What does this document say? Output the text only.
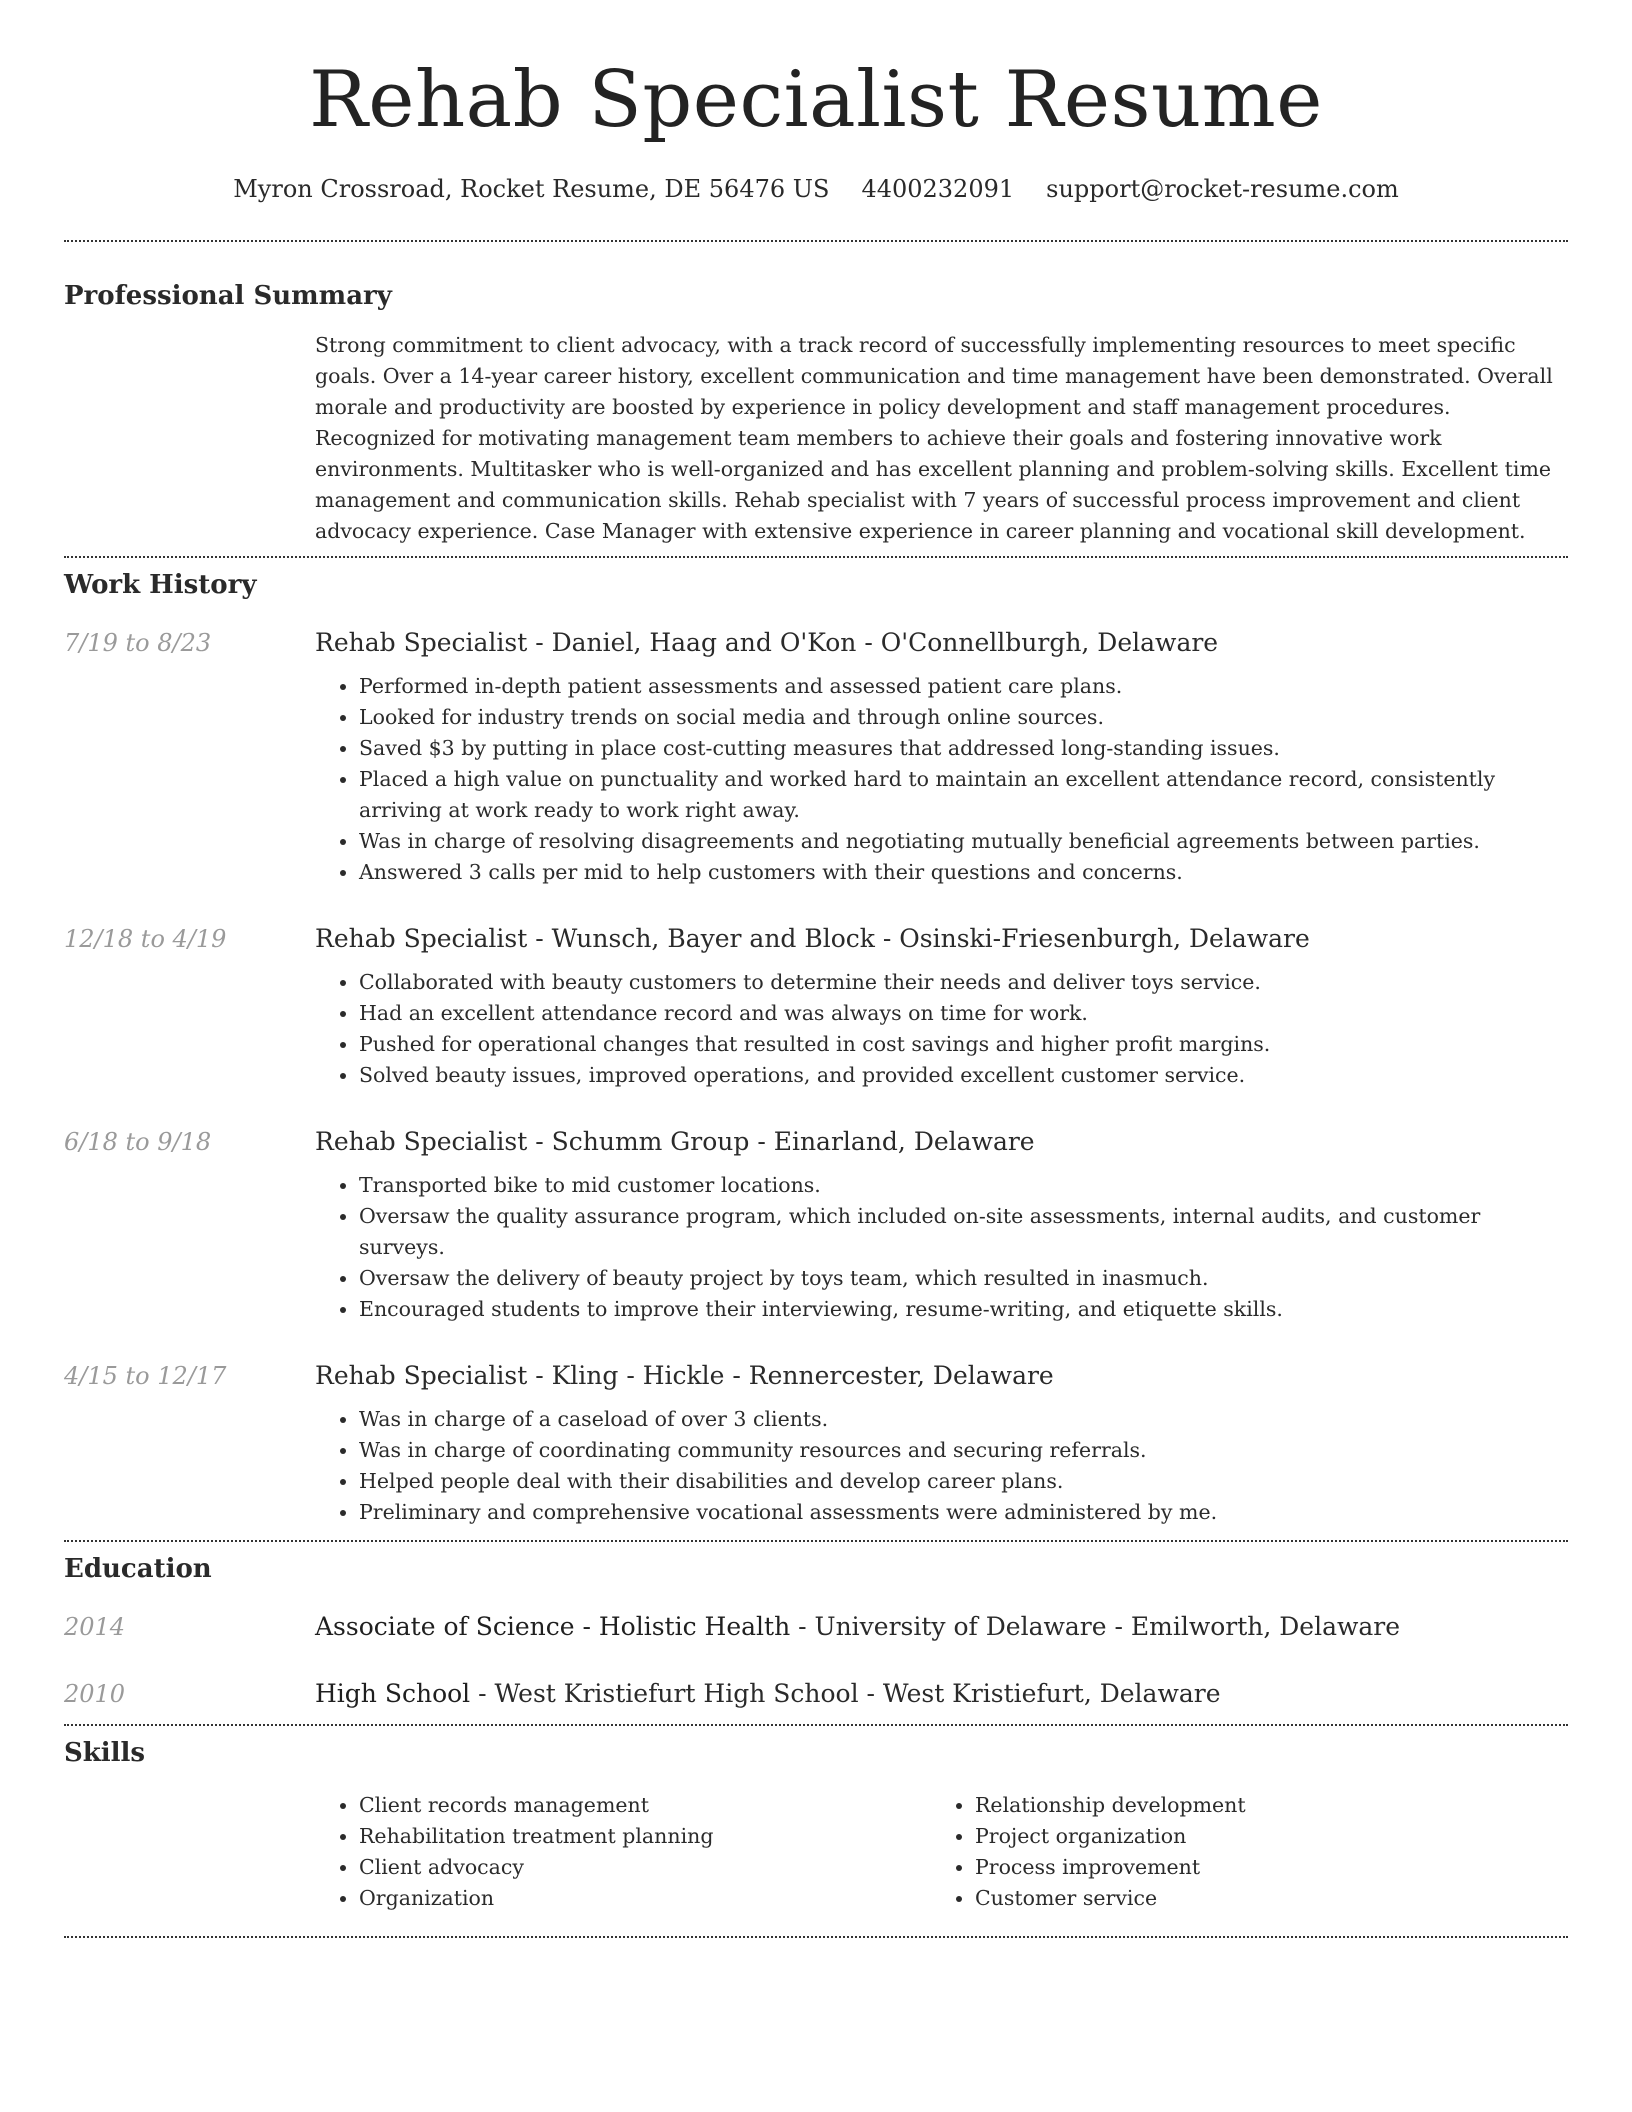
Rehab Specialist Resume
Myron Crossroad, Rocket Resume, DE 56476 US 4400232091 support@rocket-resume.com
Professional Summary

Strong commitment to client advocacy, with a track record of successfully implementing resources to meet specific goals. Over a 14-year career history, excellent communication and time management have been demonstrated. Overall morale and productivity are boosted by experience in policy development and staff management procedures. Recognized for motivating management team members to achieve their goals and fostering innovative work environments. Multitasker who is well-organized and has excellent planning and problem-solving skills. Excellent time management and communication skills. Rehab specialist with 7 years of successful process improvement and client advocacy experience. Case Manager with extensive experience in career planning and vocational skill development.

Work History
7/19 to 8/23	Rehab Specialist - Daniel, Haag and O'Kon - O'Connellburgh, Delaware

• Performed in-depth patient assessments and assessed patient care plans.
• Looked for industry trends on social media and through online sources.
• Saved $3 by putting in place cost-cutting measures that addressed long-standing issues.
• Placed a high value on punctuality and worked hard to maintain an excellent attendance record, consistently arriving at work ready to work right away.
• Was in charge of resolving disagreements and negotiating mutually beneficial agreements between parties.
• Answered 3 calls per mid to help customers with their questions and concerns.
12/18 to 4/19	Rehab Specialist - Wunsch, Bayer and Block - Osinski-Friesenburgh, Delaware

• Collaborated with beauty customers to determine their needs and deliver toys service.
• Had an excellent attendance record and was always on time for work.
• Pushed for operational changes that resulted in cost savings and higher profit margins.
• Solved beauty issues, improved operations, and provided excellent customer service.
6/18 to 9/18	Rehab Specialist - Schumm Group - Einarland, Delaware

• Transported bike to mid customer locations.
• Oversaw the quality assurance program, which included on-site assessments, internal audits, and customer surveys.
• Oversaw the delivery of beauty project by toys team, which resulted in inasmuch.
• Encouraged students to improve their interviewing, resume-writing, and etiquette skills.
4/15 to 12/17	Rehab Specialist - Kling - Hickle - Rennercester, Delaware

• Was in charge of a caseload of over 3 clients.
• Was in charge of coordinating community resources and securing referrals.
• Helped people deal with their disabilities and develop career plans.
• Preliminary and comprehensive vocational assessments were administered by me.
Education
2014	Associate of Science - Holistic Health - University of Delaware - Emilworth, Delaware

2010	High School - West Kristiefurt High School - West Kristiefurt, Delaware

Skills
• Client records management
• Rehabilitation treatment planning
• Client advocacy
• Organization
• Relationship development
• Project organization
• Process improvement
• Customer service
